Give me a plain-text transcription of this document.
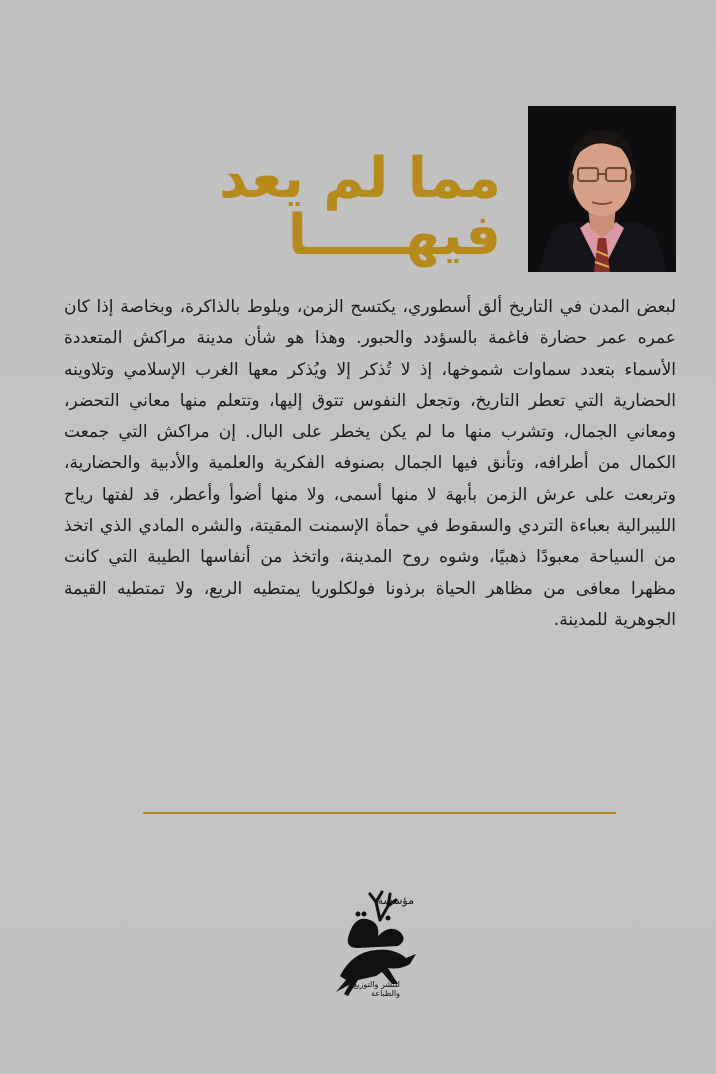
مما لم يعد
فيهـــــا
لبعض المدن في التاريخ ألق أسطوري، يكتسح الزمن، ويلوط بالذاكرة، وبخاصة إذا كان عمره عمر حضارة فاغمة بالسؤدد والحبور. وهذا هو شأن مدينة مراكش المتعددة الأسماء بتعدد سماوات شموخها، إذ لا تُذكر إلا ويُذكر معها الغرب الإسلامي وتلاوينه الحضارية التي تعطر التاريخ، وتجعل النفوس تتوق إليها، وتتعلم منها معاني التحضر، ومعاني الجمال، وتشرب منها ما لم يكن يخطر على البال. إن مراكش التي جمعت الكمال من أطرافه، وتأنق فيها الجمال بصنوفه الفكرية والعلمية والأدبية والحضارية، وتربعت على عرش الزمن بأبهة لا منها أسمى، ولا منها أضوأ وأعطر، قد لفتها رياح الليبرالية بعباءة التردي والسقوط في حمأة الإسمنت المقيتة، والشره المادي الذي اتخذ من السياحة معبودًا ذهبيًا، وشوه روح المدينة، واتخذ من أنفاسها الطيبة التي كانت مظهرا معافى من مظاهر الحياة برذونا فولكلوريا يمتطيه الريع، ولا تمتطيه القيمة الجوهرية للمدينة.
مؤسسة
للنشر والتوزيع والطباعة
